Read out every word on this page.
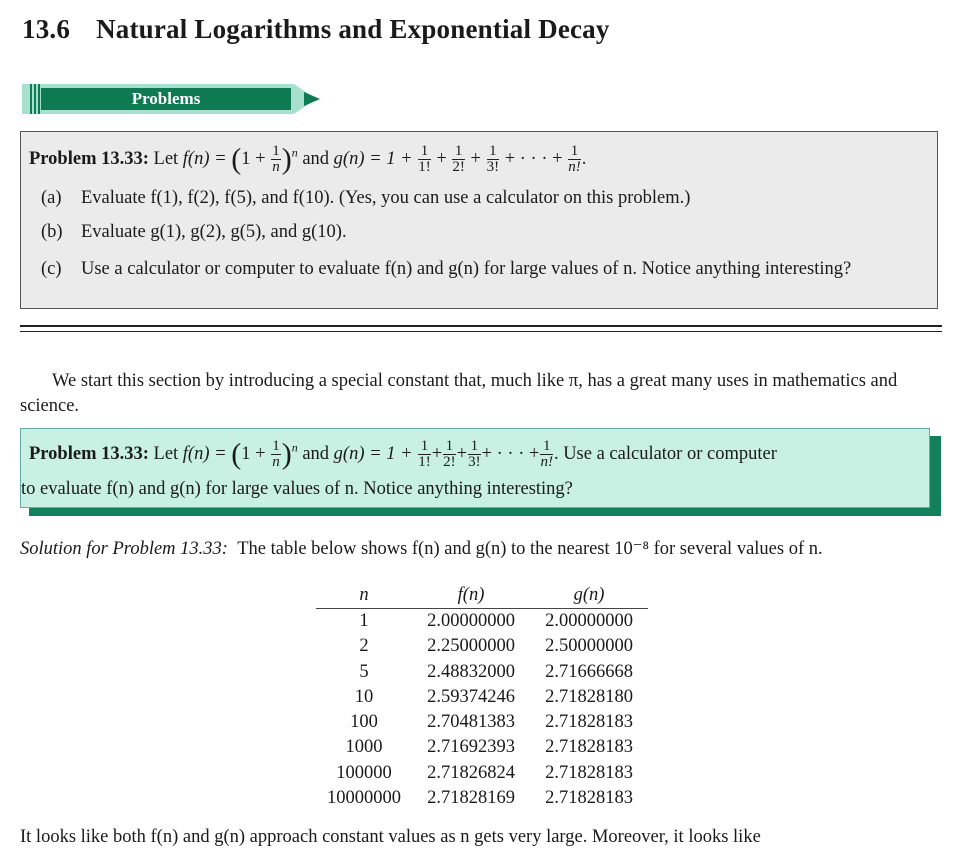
13.6 Natural Logarithms and Exponential Decay
Problems
Problem 13.33: Let $f(n) = (1 + \frac{1}{n} )^n$ and $g(n) = 1 + \frac{1}{1!} + \frac{1}{2!} + \frac{1}{3!}$ + · · · + $\frac{1}{n!}$ .
(a) Evaluate f(1), f(2), f(5), and f(10). (Yes, you can use a calculator on this problem.)
(b) Evaluate g(1), g(2), g(5), and g(10).
(c) Use a calculator or computer to evaluate f(n) and g(n) for large values of n. Notice anything interesting?
We start this section by introducing a special constant that, much like π, has a great many uses in mathematics and science.
Problem 13.33: Let $f(n) = (1 + \frac{1}{n} )^n$ and $g(n) = 1 + \frac{1}{1!} + \frac{1}{2!} + \frac{1}{3!}$ + · · · + $\frac{1}{n!}$ . Use a calculator or computer
to evaluate f(n) and g(n) for large values of n. Notice anything interesting?
Solution for Problem 13.33: The table below shows f(n) and g(n) to the nearest 10⁻⁸ for several values of n.
n	f(n)	g(n)
1	2.00000000	2.00000000
2	2.25000000	2.50000000
5	2.48832000	2.71666668
10	2.59374246	2.71828180
100	2.70481383	2.71828183
1000	2.71692393	2.71828183
100000	2.71826824	2.71828183
10000000	2.71828169	2.71828183
It looks like both f(n) and g(n) approach constant values as n gets very large. Moreover, it looks like
